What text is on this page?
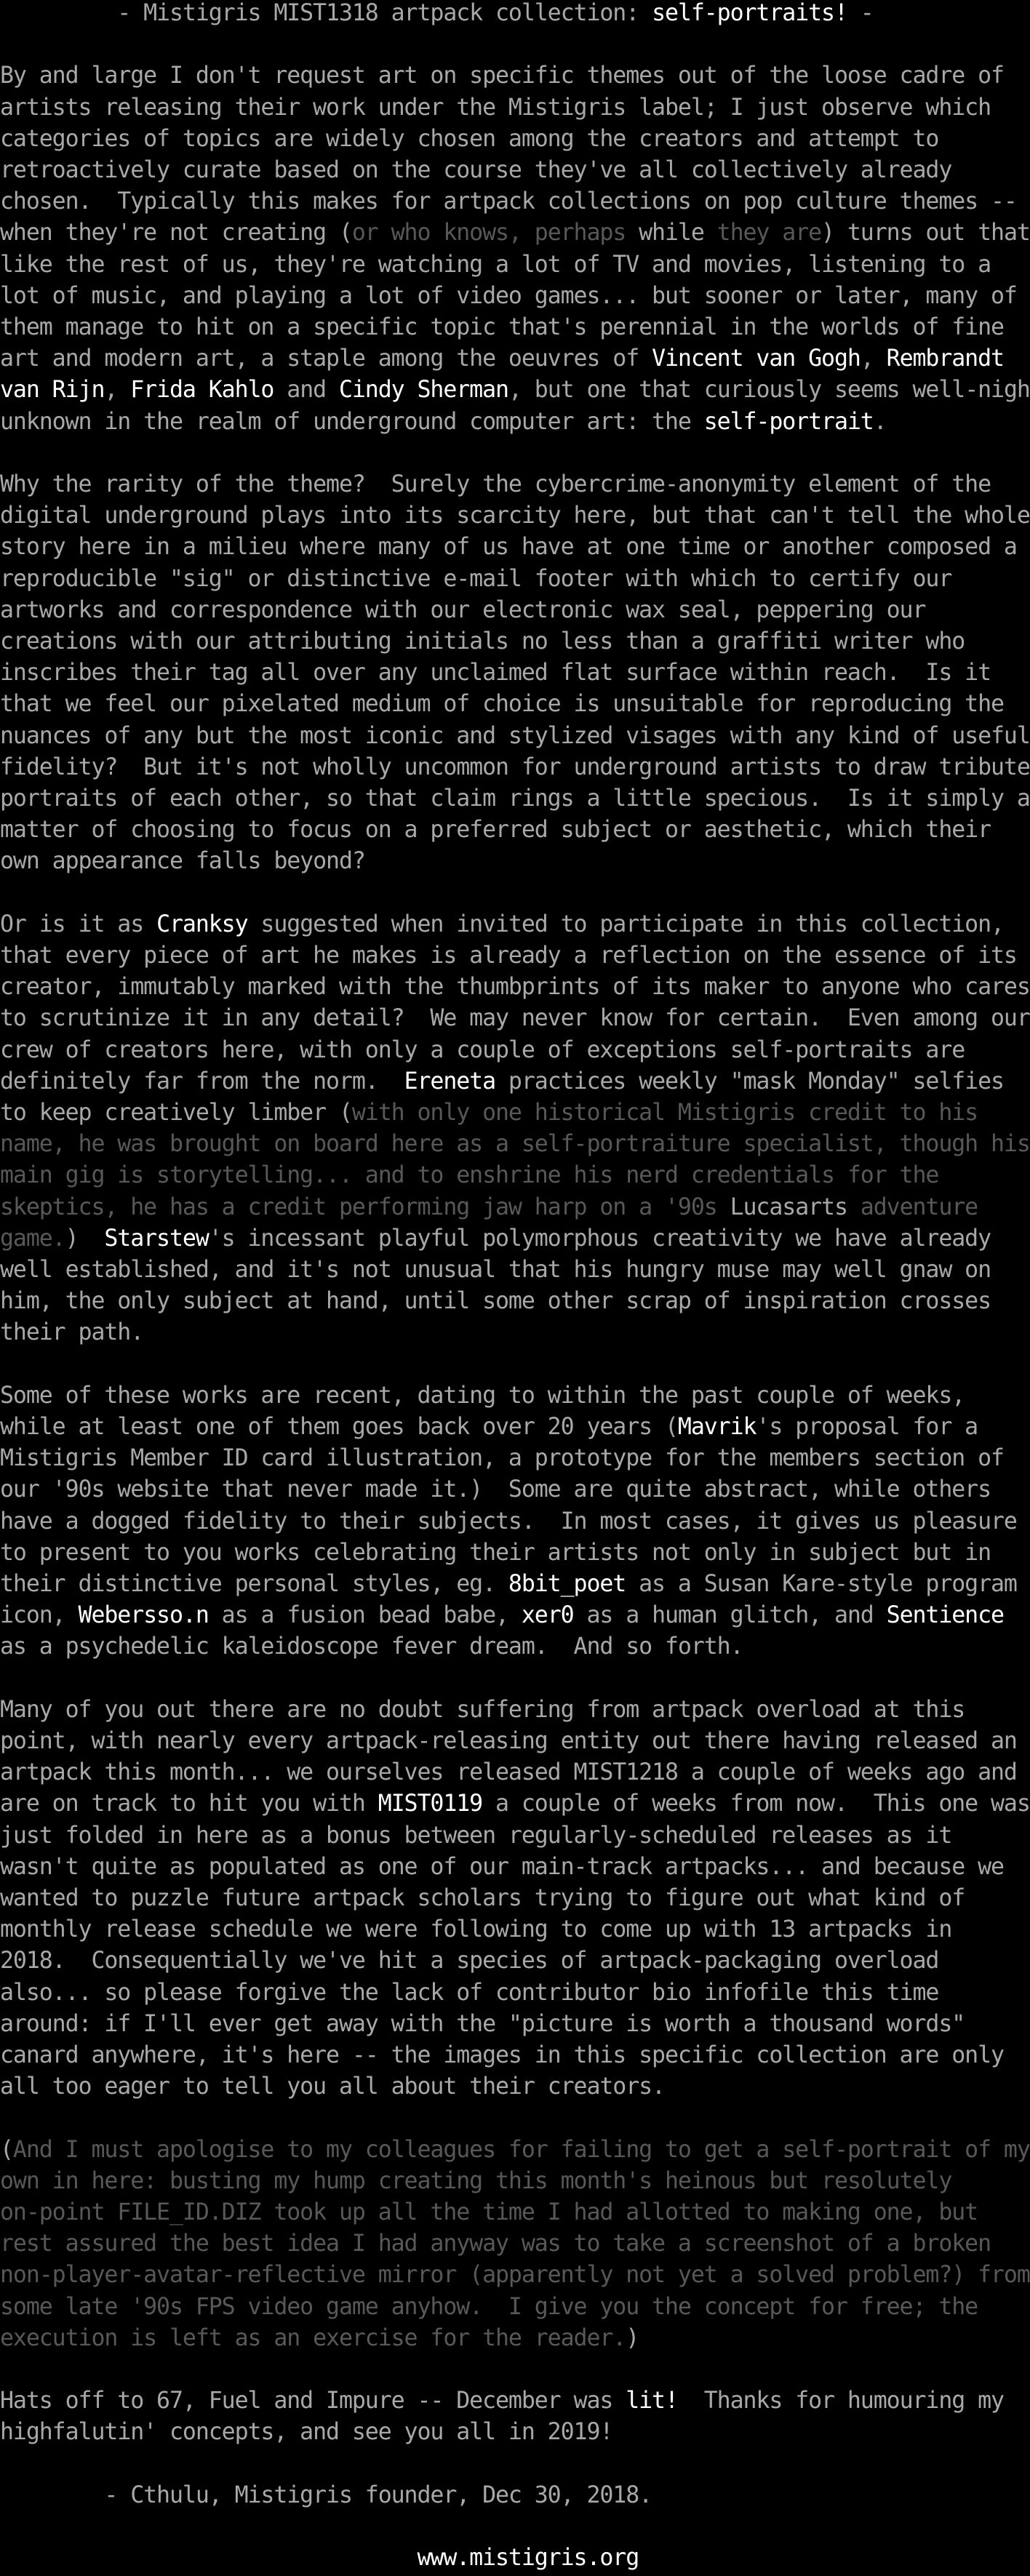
- Mistigris MIST1318 artpack collection: self-portraits! -
By and large I don't request art on specific themes out of the loose cadre of
artists releasing their work under the Mistigris label; I just observe which
categories of topics are widely chosen among the creators and attempt to
retroactively curate based on the course they've all collectively already
chosen.  Typically this makes for artpack collections on pop culture themes --
when they're not creating (or who knows, perhaps while they are) turns out that
like the rest of us, they're watching a lot of TV and movies, listening to a
lot of music, and playing a lot of video games... but sooner or later, many of
them manage to hit on a specific topic that's perennial in the worlds of fine
art and modern art, a staple among the oeuvres of Vincent van Gogh, Rembrandt
van Rijn, Frida Kahlo and Cindy Sherman, but one that curiously seems well-nigh
unknown in the realm of underground computer art: the self-portrait.
Why the rarity of the theme?  Surely the cybercrime-anonymity element of the
digital underground plays into its scarcity here, but that can't tell the whole
story here in a milieu where many of us have at one time or another composed a
reproducible "sig" or distinctive e-mail footer with which to certify our
artworks and correspondence with our electronic wax seal, peppering our
creations with our attributing initials no less than a graffiti writer who
inscribes their tag all over any unclaimed flat surface within reach.  Is it
that we feel our pixelated medium of choice is unsuitable for reproducing the
nuances of any but the most iconic and stylized visages with any kind of useful
fidelity?  But it's not wholly uncommon for underground artists to draw tribute
portraits of each other, so that claim rings a little specious.  Is it simply a
matter of choosing to focus on a preferred subject or aesthetic, which their
own appearance falls beyond?
Or is it as Cranksy suggested when invited to participate in this collection,
that every piece of art he makes is already a reflection on the essence of its
creator, immutably marked with the thumbprints of its maker to anyone who cares
to scrutinize it in any detail?  We may never know for certain.  Even among our
crew of creators here, with only a couple of exceptions self-portraits are
definitely far from the norm.  Ereneta practices weekly "mask Monday" selfies
to keep creatively limber (with only one historical Mistigris credit to his
name, he was brought on board here as a self-portraiture specialist, though his
main gig is storytelling... and to enshrine his nerd credentials for the
skeptics, he has a credit performing jaw harp on a '90s Lucasarts adventure
game.)  Starstew's incessant playful polymorphous creativity we have already
well established, and it's not unusual that his hungry muse may well gnaw on
him, the only subject at hand, until some other scrap of inspiration crosses
their path.
Some of these works are recent, dating to within the past couple of weeks,
while at least one of them goes back over 20 years (Mavrik's proposal for a
Mistigris Member ID card illustration, a prototype for the members section of
our '90s website that never made it.)  Some are quite abstract, while others
have a dogged fidelity to their subjects.  In most cases, it gives us pleasure
to present to you works celebrating their artists not only in subject but in
their distinctive personal styles, eg. 8bit_poet as a Susan Kare-style program
icon, Webersso.n as a fusion bead babe, xer0 as a human glitch, and Sentience
as a psychedelic kaleidoscope fever dream.  And so forth.
Many of you out there are no doubt suffering from artpack overload at this
point, with nearly every artpack-releasing entity out there having released an
artpack this month... we ourselves released MIST1218 a couple of weeks ago and
are on track to hit you with MIST0119 a couple of weeks from now.  This one was
just folded in here as a bonus between regularly-scheduled releases as it
wasn't quite as populated as one of our main-track artpacks... and because we
wanted to puzzle future artpack scholars trying to figure out what kind of
monthly release schedule we were following to come up with 13 artpacks in
2018.  Consequentially we've hit a species of artpack-packaging overload
also... so please forgive the lack of contributor bio infofile this time
around: if I'll ever get away with the "picture is worth a thousand words"
canard anywhere, it's here -- the images in this specific collection are only
all too eager to tell you all about their creators.
(And I must apologise to my colleagues for failing to get a self-portrait of my
own in here: busting my hump creating this month's heinous but resolutely
on-point FILE_ID.DIZ took up all the time I had allotted to making one, but
rest assured the best idea I had anyway was to take a screenshot of a broken
non-player-avatar-reflective mirror (apparently not yet a solved problem?) from
some late '90s FPS video game anyhow.  I give you the concept for free; the
execution is left as an exercise for the reader.)
Hats off to 67, Fuel and Impure -- December was lit!  Thanks for humouring my
highfalutin' concepts, and see you all in 2019!
- Cthulu, Mistigris founder, Dec 30, 2018.
www.mistigris.org
